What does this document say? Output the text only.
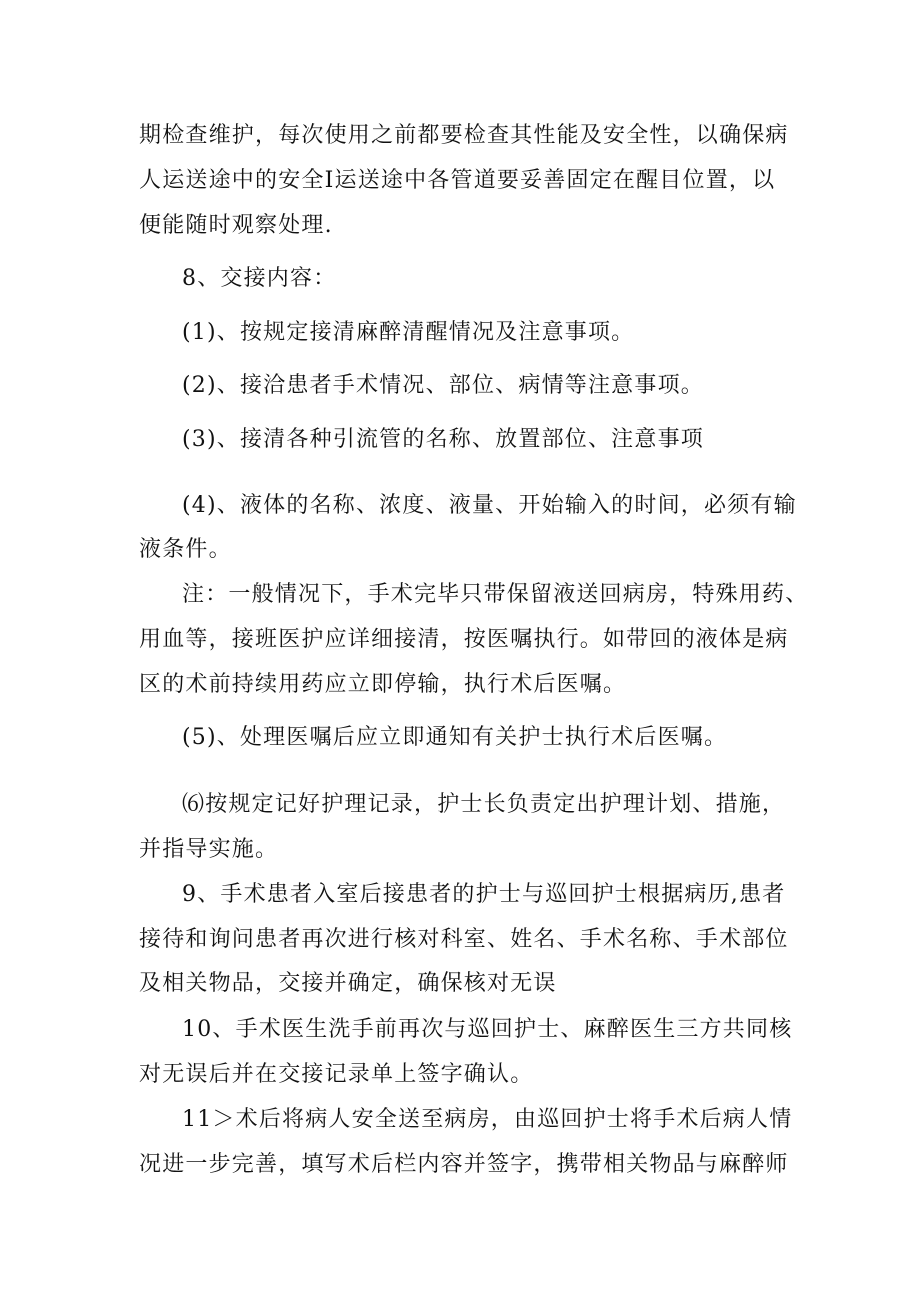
期检查维护，每次使用之前都要检查其性能及安全性，以确保病
人运送途中的安全I运送途中各管道要妥善固定在醒目位置，以
便能随时观察处理.
8、交接内容：
(1)、按规定接清麻醉清醒情况及注意事项。
(2)、接洽患者手术情况、部位、病情等注意事项。
(3)、接清各种引流管的名称、放置部位、注意事项
(4)、液体的名称、浓度、液量、开始输入的时间，必须有输
液条件。
注：一般情况下，手术完毕只带保留液送回病房，特殊用药、
用血等，接班医护应详细接清，按医嘱执行。如带回的液体是病
区的术前持续用药应立即停输，执行术后医嘱。
(5)、处理医嘱后应立即通知有关护士执行术后医嘱。
⑹按规定记好护理记录，护士长负责定出护理计划、措施，
并指导实施。
9、手术患者入室后接患者的护士与巡回护士根据病历,患者
接待和询问患者再次进行核对科室、姓名、手术名称、手术部位
及相关物品，交接并确定，确保核对无误
10、手术医生洗手前再次与巡回护士、麻醉医生三方共同核
对无误后并在交接记录单上签字确认。
11＞术后将病人安全送至病房，由巡回护士将手术后病人情
况进一步完善，填写术后栏内容并签字，携带相关物品与麻醉师
